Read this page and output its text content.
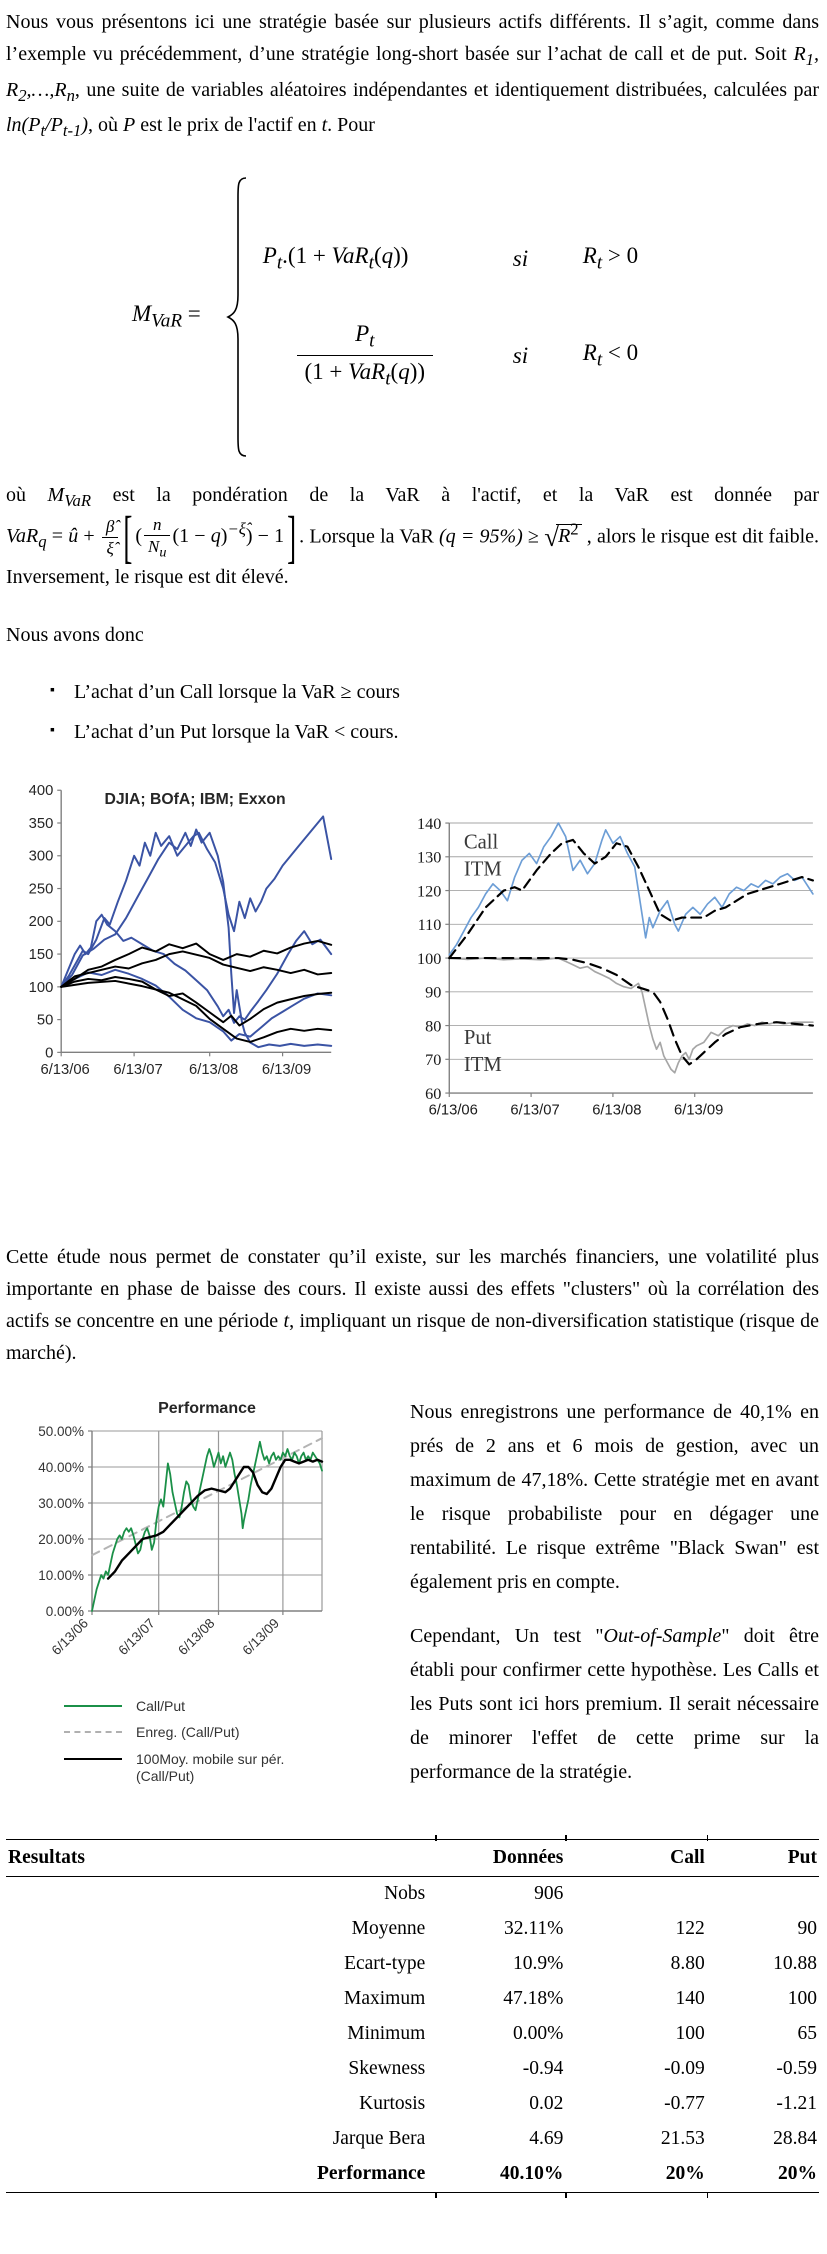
Nous vous présentons ici une stratégie basée sur plusieurs actifs différents. Il s’agit, comme dans l’exemple vu précédemment, d’une stratégie long-short basée sur l’achat de call et de put. Soit $R_1$, $R_2,\dots,R_n$, une suite de variables aléatoires indépendantes et identiquement distribuées, calculées par $\ln(P_t/P_{t-1})$, où P est le prix de l'actif en t. Pour

$M_{VaR}$ =
$P_t.(1 + VaR_t(q))$	si	$R_t > 0$
$\frac{P_t}{(1 + VaR_t(q))}$	si	$R_t < 0$

où $M_{VaR}$ est la pondération de la VaR à l'actif, et la VaR est donnée par VaR$_q$ = û + $\frac{\betâ}{\xî}$ [ ( $\frac{n}{N_u} (1 - q)^{-\xî}) - 1$ ] . Lorsque la VaR $(q = 95\%) \ge √R^2$ , alors le risque est dit faible. Inversement, le risque est dit élevé.

Nous avons donc

▪ L’achat d’un Call lorsque la VaR ≥ cours
▪ L’achat d’un Put lorsque la VaR < cours.
0
50
100
150
200
250
300
350
400
6/13/06 6/13/07 6/13/08 6/13/09
DJIA; BOfA; IBM; Exxon
60
70
80
90
100
110
120
130
140
6/13/06 6/13/07 6/13/08 6/13/09
Call
ITM
Put
ITM

Cette étude nous permet de constater qu’il existe, sur les marchés financiers, une volatilité plus importante en phase de baisse des cours. Il existe aussi des effets "clusters" où la corrélation des actifs se concentre en une période t, impliquant un risque de non-diversification statistique (risque de marché).

0.00%
10.00%
20.00%
30.00%
40.00%
50.00%
6/13/06 6/13/07 6/13/08 6/13/09
Performance
Call/Put
Enreg. (Call/Put)
100Moy. mobile sur pér. (Call/Put)

Nous enregistrons une performance de 40,1% en prés de 2 ans et 6 mois de gestion, avec un maximum de 47,18%. Cette stratégie met en avant le risque probabiliste pour en dégager une rentabilité. Le risque extrême "Black Swan" est également pris en compte.

Cependant, Un test "Out-of-Sample" doit être établi pour confirmer cette hypothèse. Les Calls et les Puts sont ici hors premium. Il serait nécessaire de minorer l'effet de cette prime sur la performance de la stratégie.

Resultats	Données	Call	Put
Nobs	906		
Moyenne	32.11%	122	90
Ecart-type	10.9%	8.80	10.88
Maximum	47.18%	140	100
Minimum	0.00%	100	65
Skewness	-0.94	-0.09	-0.59
Kurtosis	0.02	-0.77	-1.21
Jarque Bera	4.69	21.53	28.84
Performance	40.10%	20%	20%
